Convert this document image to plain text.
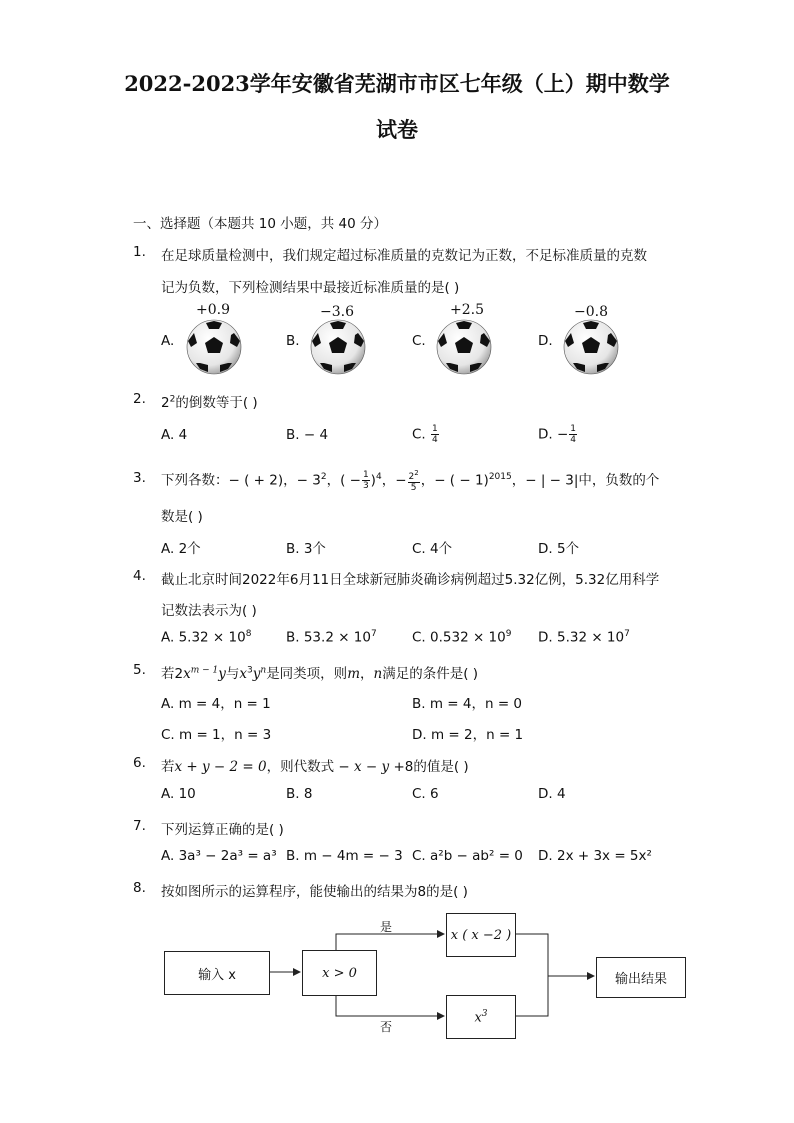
2022-2023学年安徽省芜湖市市区七年级（上）期中数学
试卷
一、选择题（本题共 10 小题，共 40 分）
1. 在足球质量检测中，我们规定超过标准质量的克数记为正数，不足标准质量的克数
记为负数，下列检测结果中最接近标准质量的是( )
A.
+0.9
B.
−3.6
C.
+2.5
D.
−0.8
2. $2^2$的倒数等于( )
A. 4	B. − 4	C. $\frac{1}{4}$	D. − $\frac{1}{4}$
3. 下列各数：− ( + 2)，− $3^2$，( − $\frac{1}{3} )^4$，− $\frac{2^2}{5}$ ，− ( − 1)$^{2015}$，− | − 3|中，负数的个
数是( )
A. 2个	B. 3个	C. 4个	D. 5个
4. 截止北京时间2022年6月11日全球新冠肺炎确诊病例超过5.32亿例，5.32亿用科学
记数法表示为( )
A. $5.32 \times 10^8$	B. $53.2 \times 10^7$	C. $0.532 \times 10^9$ D. $5.32 \times 10^7$
5. 若$2x^{m - 1}y$与$x^3y^n$是同类项，则m，n满足的条件是( )
A. m = 4，n = 1	B. m = 4，n = 0
C. m = 1，n = 3	D. m = 2，n = 1
6. 若x + y − 2 = 0，则代数式 − x − y +8的值是( )
A. 10	B. 8	C. 6	D. 4
7. 下列运算正确的是( )
A. 3a³ − 2a³ = a³ B. m − 4m = − 3 C. a²b − ab² = 0 D. 2x + 3x = 5x²
8. 按如图所示的运算程序，能使输出的结果为8的是( )
输入 x	x > 0
是
否
x ( x −2 )
$x^3$
输出结果
